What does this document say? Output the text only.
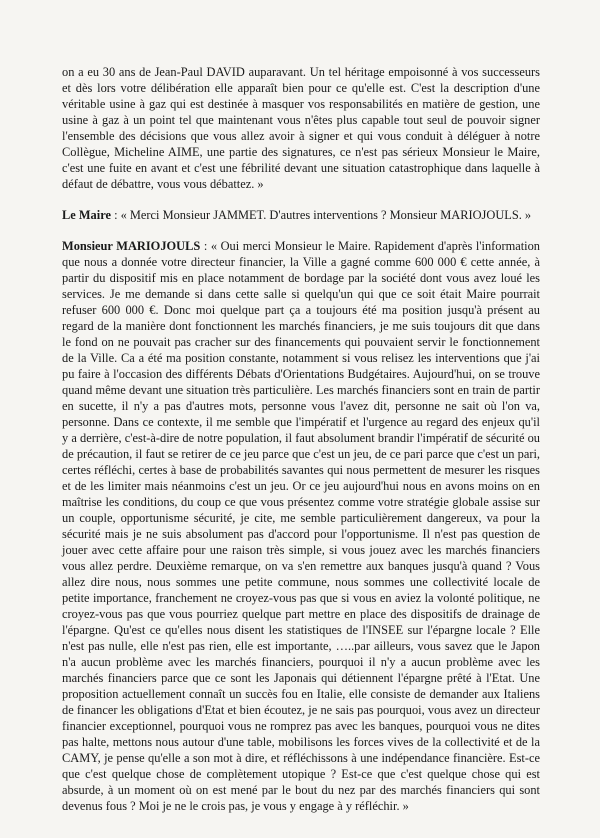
on a eu 30 ans de Jean-Paul DAVID auparavant. Un tel héritage empoisonné à vos successeurs et dès lors votre délibération elle apparaît bien pour ce qu'elle est. C'est la description d'une véritable usine à gaz qui est destinée à masquer vos responsabilités en matière de gestion, une usine à gaz à un point tel que maintenant vous n'êtes plus capable tout seul de pouvoir signer l'ensemble des décisions que vous allez avoir à signer et qui vous conduit à déléguer à notre Collègue, Micheline AIME, une partie des signatures, ce n'est pas sérieux Monsieur le Maire, c'est une fuite en avant et c'est une fébrilité devant une situation catastrophique dans laquelle à défaut de débattre, vous vous débattez. »

Le Maire : « Merci Monsieur JAMMET. D'autres interventions ? Monsieur MARIOJOULS. »

Monsieur MARIOJOULS : « Oui merci Monsieur le Maire. Rapidement d'après l'information que nous a donnée votre directeur financier, la Ville a gagné comme 600 000 € cette année, à partir du dispositif mis en place notamment de bordage par la société dont vous avez loué les services. Je me demande si dans cette salle si quelqu'un qui que ce soit était Maire pourrait refuser 600 000 €. Donc moi quelque part ça a toujours été ma position jusqu'à présent au regard de la manière dont fonctionnent les marchés financiers, je me suis toujours dit que dans le fond on ne pouvait pas cracher sur des financements qui pouvaient servir le fonctionnement de la Ville. Ca a été ma position constante, notamment si vous relisez les interventions que j'ai pu faire à l'occasion des différents Débats d'Orientations Budgétaires. Aujourd'hui, on se trouve quand même devant une situation très particulière. Les marchés financiers sont en train de partir en sucette, il n'y a pas d'autres mots, personne vous l'avez dit, personne ne sait où l'on va, personne. Dans ce contexte, il me semble que l'impératif et l'urgence au regard des enjeux qu'il y a derrière, c'est-à-dire de notre population, il faut absolument brandir l'impératif de sécurité ou de précaution, il faut se retirer de ce jeu parce que c'est un jeu, de ce pari parce que c'est un pari, certes réfléchi, certes à base de probabilités savantes qui nous permettent de mesurer les risques et de les limiter mais néanmoins c'est un jeu. Or ce jeu aujourd'hui nous en avons moins on en maîtrise les conditions, du coup ce que vous présentez comme votre stratégie globale assise sur un couple, opportunisme sécurité, je cite, me semble particulièrement dangereux, va pour la sécurité mais je ne suis absolument pas d'accord pour l'opportunisme. Il n'est pas question de jouer avec cette affaire pour une raison très simple, si vous jouez avec les marchés financiers vous allez perdre. Deuxième remarque, on va s'en remettre aux banques jusqu'à quand ? Vous allez dire nous, nous sommes une petite commune, nous sommes une collectivité locale de petite importance, franchement ne croyez-vous pas que si vous en aviez la volonté politique, ne croyez-vous pas que vous pourriez quelque part mettre en place des dispositifs de drainage de l'épargne. Qu'est ce qu'elles nous disent les statistiques de l'INSEE sur l'épargne locale ? Elle n'est pas nulle, elle n'est pas rien, elle est importante, …..par ailleurs, vous savez que le Japon n'a aucun problème avec les marchés financiers, pourquoi il n'y a aucun problème avec les marchés financiers parce que ce sont les Japonais qui détiennent l'épargne prêté à l'Etat. Une proposition actuellement connaît un succès fou en Italie, elle consiste de demander aux Italiens de financer les obligations d'Etat et bien écoutez, je ne sais pas pourquoi, vous avez un directeur financier exceptionnel, pourquoi vous ne romprez pas avec les banques, pourquoi vous ne dites pas halte, mettons nous autour d'une table, mobilisons les forces vives de la collectivité et de la CAMY, je pense qu'elle a son mot à dire, et réfléchissons à une indépendance financière. Est-ce que c'est quelque chose de complètement utopique ? Est-ce que c'est quelque chose qui est absurde, à un moment où on est mené par le bout du nez par des marchés financiers qui sont devenus fous ? Moi je ne le crois pas, je vous y engage à y réfléchir. »
